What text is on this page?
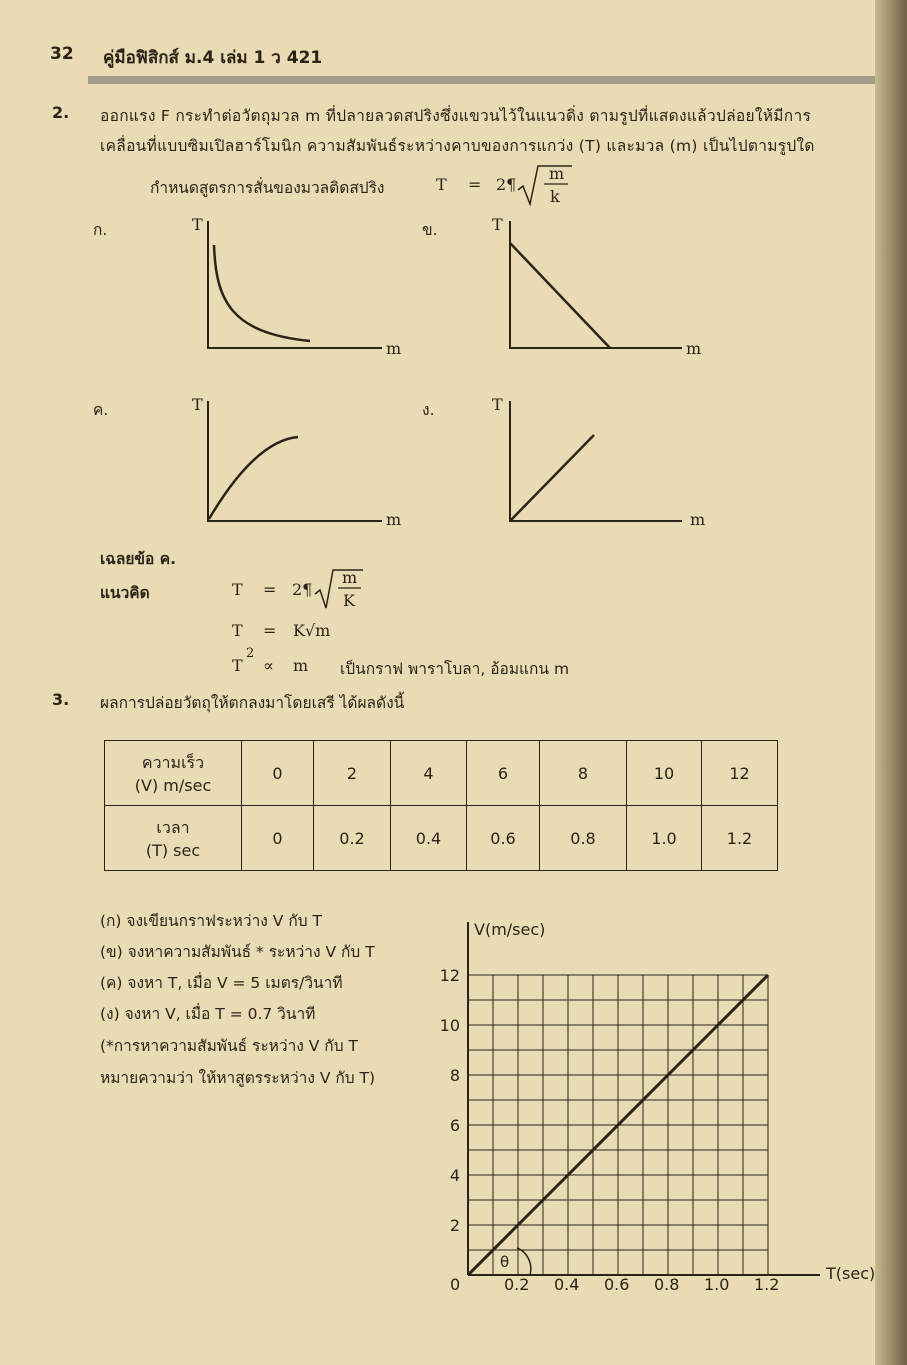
32 คู่มือฟิสิกส์ ม.4 เล่ม 1 ว 421
2. ออกแรง F กระทำต่อวัตถุมวล m ที่ปลายลวดสปริงซึ่งแขวนไว้ในแนวดิ่ง ตามรูปที่แสดงแล้วปล่อยให้มีการ
เคลื่อนที่แบบซิมเปิลฮาร์โมนิก ความสัมพันธ์ระหว่างคาบของการแกว่ง (T) และมวล (m) เป็นไปตามรูปใด
กำหนดสูตรการสั่นของมวลติดสปริง	T = 2¶
m
k
ก.	T
m
ข.	T
m
ค.	T
m
ง.	T
m
เฉลยข้อ ค.
แนวคิด	T = 2¶
m
K
T = K√m
T
2
∝ m เป็นกราฟ พาราโบลา, อ้อมแกน m
3. ผลการปล่อยวัตถุให้ตกลงมาโดยเสรี ได้ผลดังนี้
ความเร็ว
(V) m/sec	0	2	4	6	8	10	12

เวลา
(T) sec	0	0.2	0.4	0.6	0.8	1.0	1.2
(ก) จงเขียนกราฟระหว่าง V กับ T
(ข) จงหาความสัมพันธ์ * ระหว่าง V กับ T
(ค) จงหา T, เมื่อ V = 5 เมตร/วินาที
(ง) จงหา V, เมื่อ T = 0.7 วินาที
(*การหาความสัมพันธ์ ระหว่าง V กับ T
หมายความว่า ให้หาสูตรระหว่าง V กับ T)
0	0.2 0.4 0.6 0.8 1.0 1.2
2
4
6
8
10
12
θ
V(m/sec)
T(sec)
